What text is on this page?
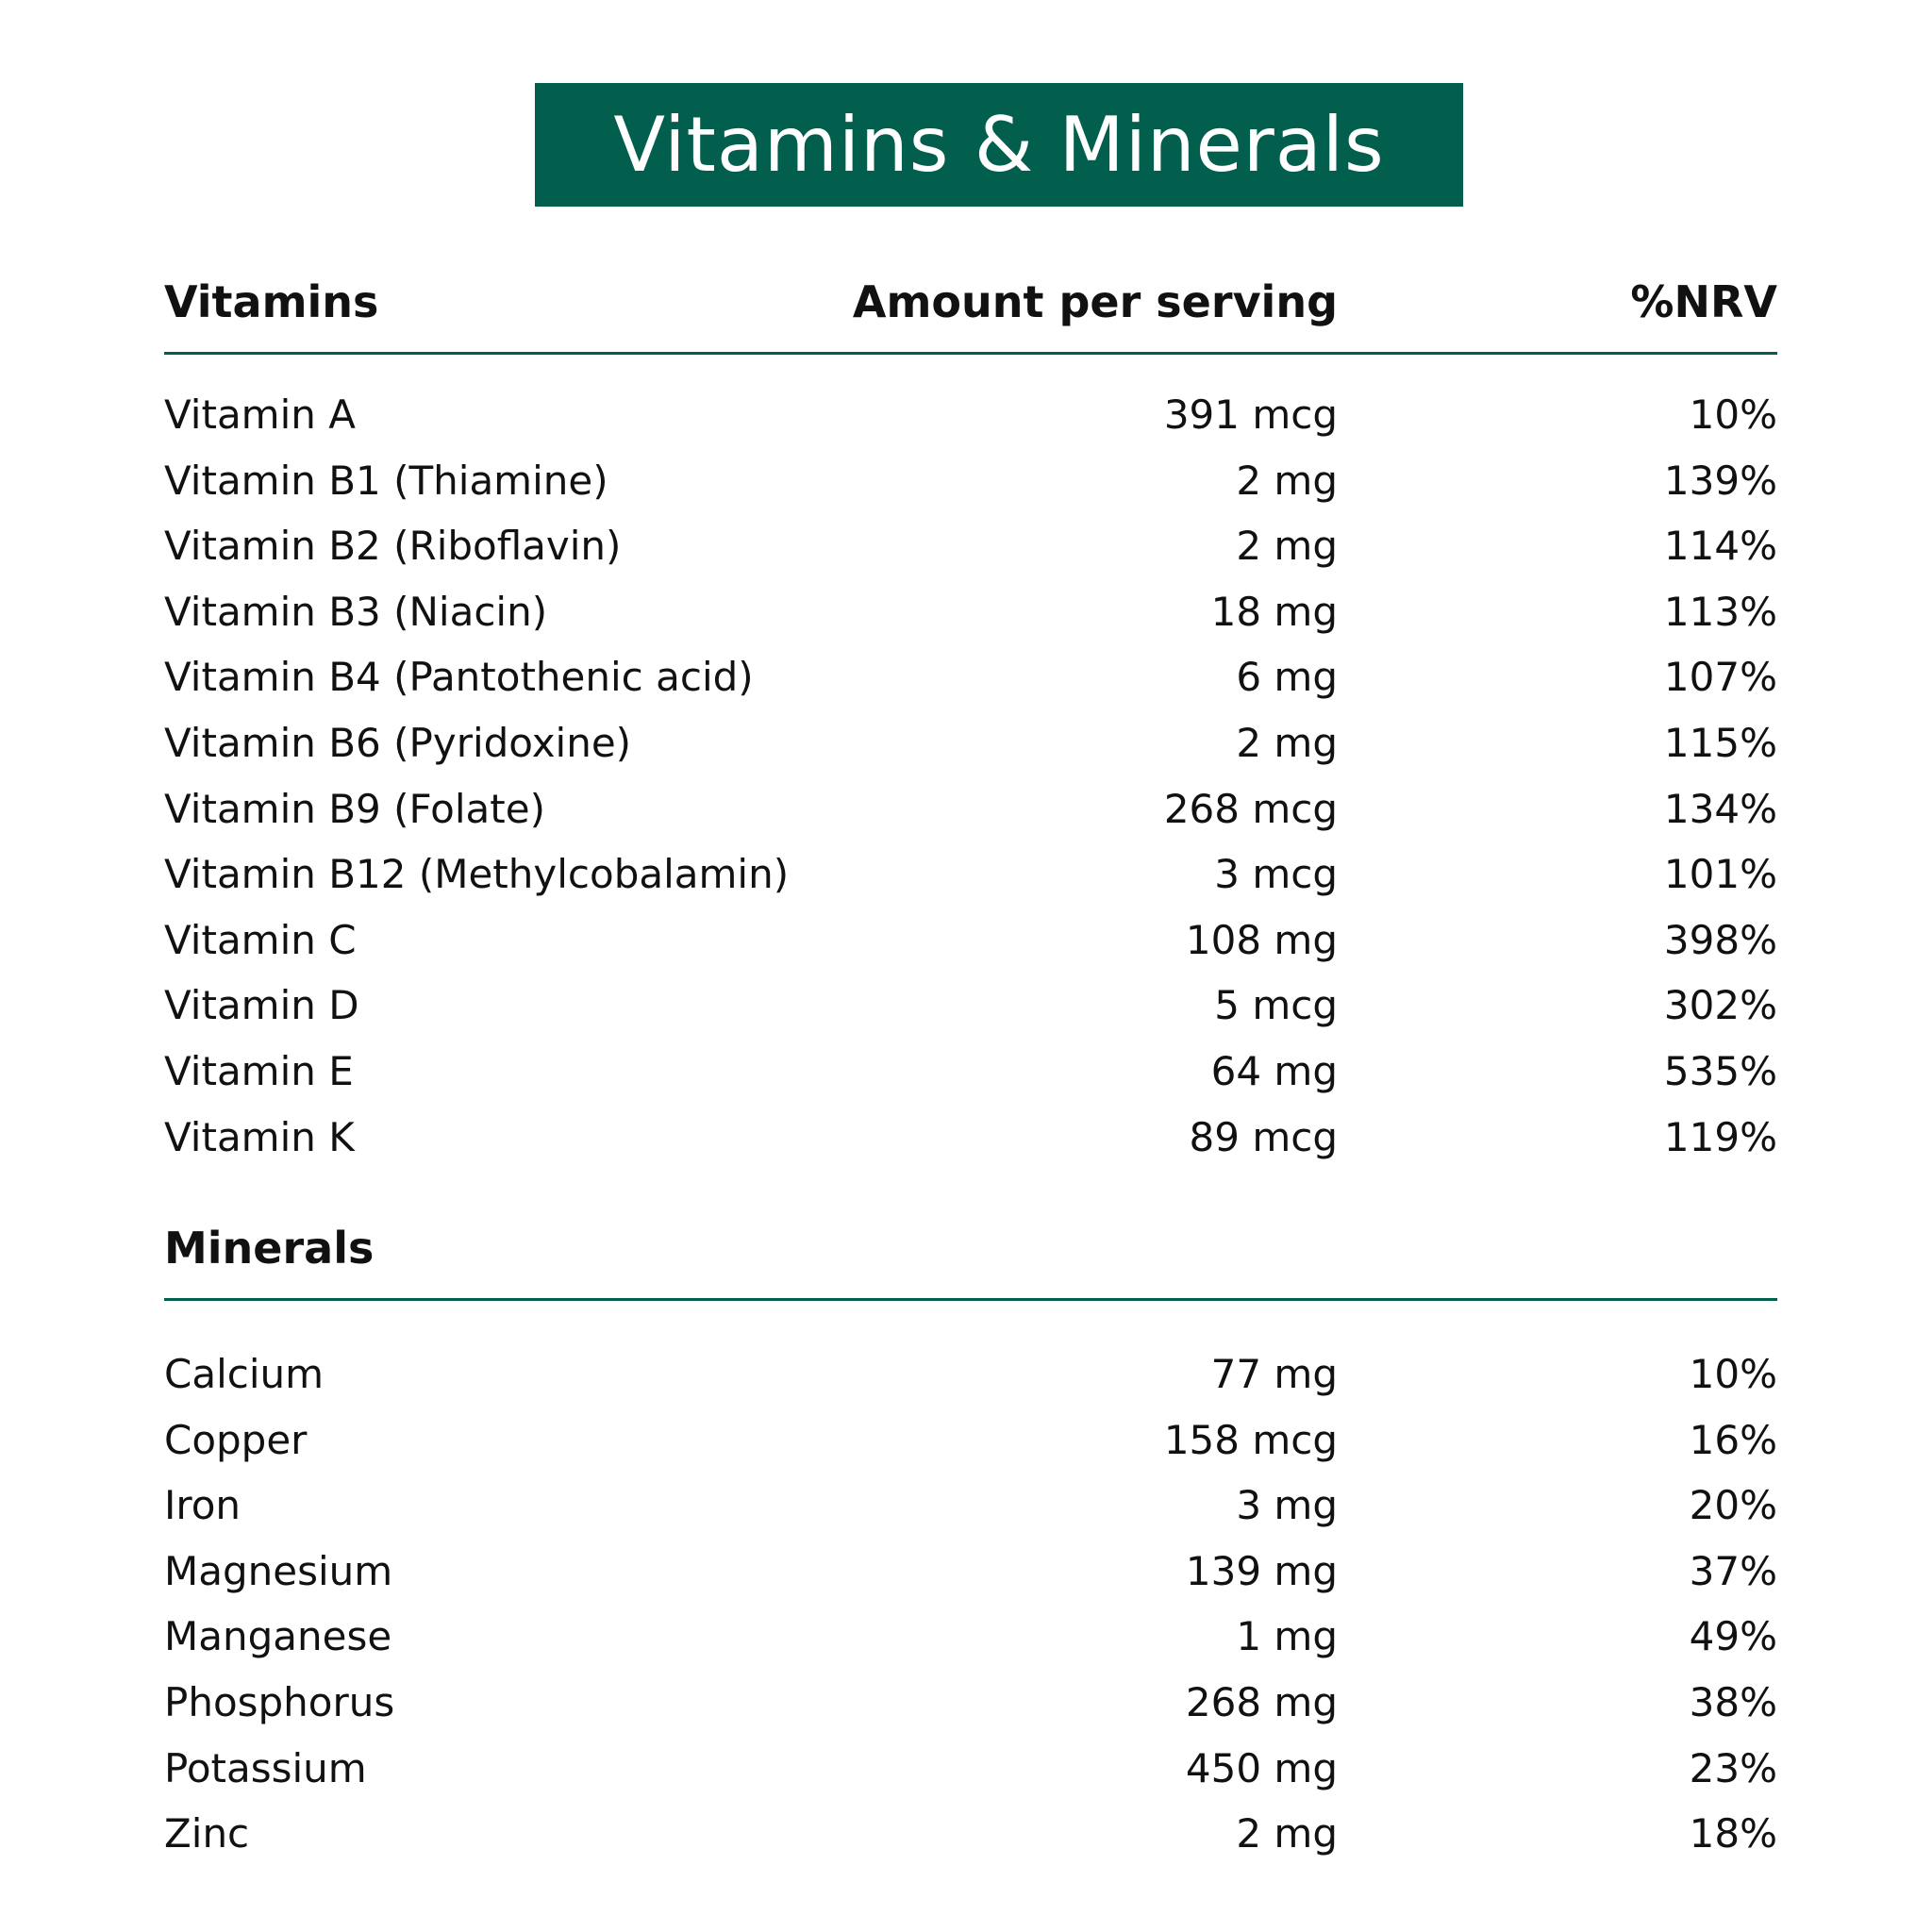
Vitamins & Minerals
Vitamins	Amount per serving	%NRV
Vitamin A	391 mcg	10%
Vitamin B1 (Thiamine)	2 mg	139%
Vitamin B2 (Riboflavin)	2 mg	114%
Vitamin B3 (Niacin)	18 mg	113%
Vitamin B4 (Pantothenic acid)	6 mg	107%
Vitamin B6 (Pyridoxine)	2 mg	115%
Vitamin B9 (Folate)	268 mcg	134%
Vitamin B12 (Methylcobalamin)	3 mcg	101%
Vitamin C	108 mg	398%
Vitamin D	5 mcg	302%
Vitamin E	64 mg	535%
Vitamin K	89 mcg	119%
Minerals
Calcium	77 mg	10%
Copper	158 mcg	16%
Iron	3 mg	20%
Magnesium	139 mg	37%
Manganese	1 mg	49%
Phosphorus	268 mg	38%
Potassium	450 mg	23%
Zinc	2 mg	18%
